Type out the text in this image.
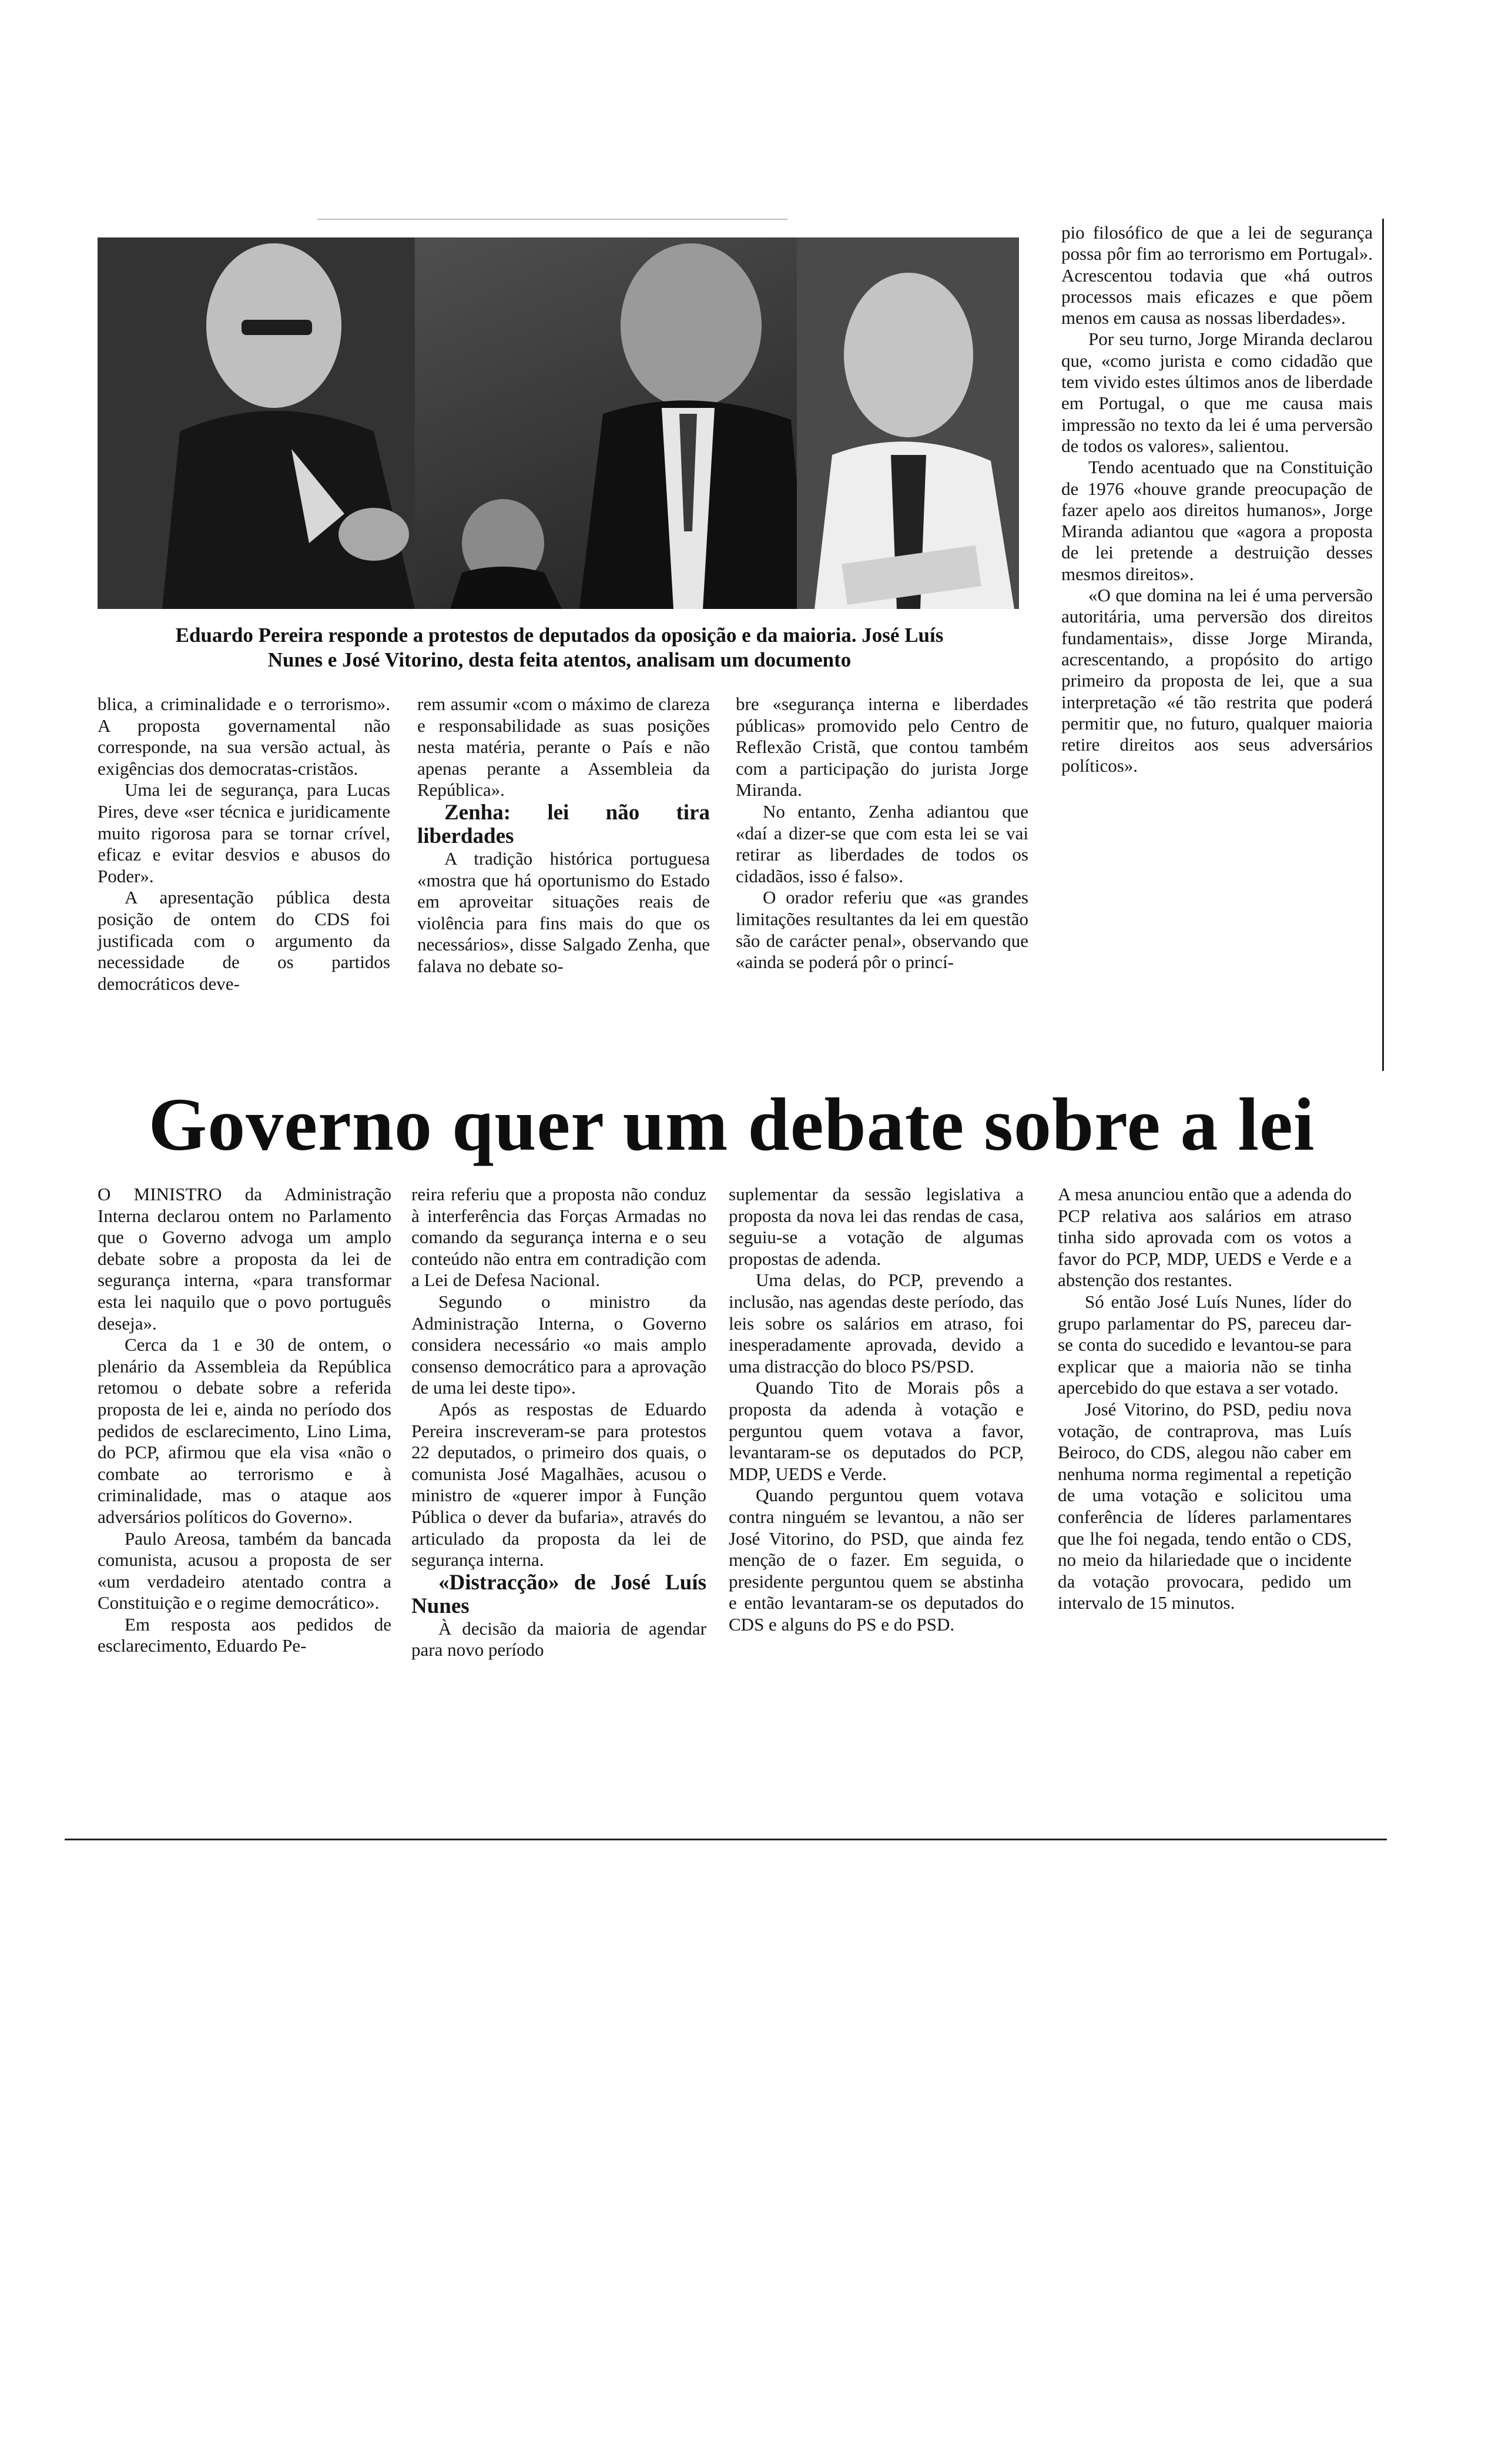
Eduardo Pereira responde a protestos de deputados da oposição e da maioria. José Luís
Nunes e José Vitorino, desta feita atentos, analisam um documento

pio filosófico de que a lei de segurança possa pôr fim ao terrorismo em Portugal». Acrescentou todavia que «há outros processos mais eficazes e que põem menos em causa as nossas liberdades».

Por seu turno, Jorge Miranda declarou que, «como jurista e como cidadão que tem vivido estes últimos anos de liberdade em Portugal, o que me causa mais impressão no texto da lei é uma perversão de todos os valores», salientou.

Tendo acentuado que na Constituição de 1976 «houve grande preocupação de fazer apelo aos direitos humanos», Jorge Miranda adiantou que «agora a proposta de lei pretende a destruição desses mesmos direitos».

«O que domina na lei é uma perversão autoritária, uma perversão dos direitos fundamentais», disse Jorge Miranda, acrescentando, a propósito do artigo primeiro da proposta de lei, que a sua interpretação «é tão restrita que poderá permitir que, no futuro, qualquer maioria retire direitos aos seus adversários políticos».

blica, a criminalidade e o terrorismo». A proposta governamental não corresponde, na sua versão actual, às exigências dos democratas-cristãos.

Uma lei de segurança, para Lucas Pires, deve «ser técnica e juridicamente muito rigorosa para se tornar crível, eficaz e evitar desvios e abusos do Poder».

A apresentação pública desta posição de ontem do CDS foi justificada com o argumento da necessidade de os partidos democráticos deve-

rem assumir «com o máximo de clareza e responsabilidade as suas posições nesta matéria, perante o País e não apenas perante a Assembleia da República».

Zenha: lei não tira liberdades

A tradição histórica portuguesa «mostra que há oportunismo do Estado em aproveitar situações reais de violência para fins mais do que os necessários», disse Salgado Zenha, que falava no debate so-

bre «segurança interna e liberdades públicas» promovido pelo Centro de Reflexão Cristã, que contou também com a participação do jurista Jorge Miranda.

No entanto, Zenha adiantou que «daí a dizer-se que com esta lei se vai retirar as liberdades de todos os cidadãos, isso é falso».

O orador referiu que «as grandes limitações resultantes da lei em questão são de carácter penal», observando que «ainda se poderá pôr o princí-

Governo quer um debate sobre a lei

O MINISTRO da Administração Interna declarou ontem no Parlamento que o Governo advoga um amplo debate sobre a proposta da lei de segurança interna, «para transformar esta lei naquilo que o povo português deseja».

Cerca da 1 e 30 de ontem, o plenário da Assembleia da República retomou o debate sobre a referida proposta de lei e, ainda no período dos pedidos de esclarecimento, Lino Lima, do PCP, afirmou que ela visa «não o combate ao terrorismo e à criminalidade, mas o ataque aos adversários políticos do Governo».

Paulo Areosa, também da bancada comunista, acusou a proposta de ser «um verdadeiro atentado contra a Constituição e o regime democrático».

Em resposta aos pedidos de esclarecimento, Eduardo Pe-

reira referiu que a proposta não conduz à interferência das Forças Armadas no comando da segurança interna e o seu conteúdo não entra em contradição com a Lei de Defesa Nacional.

Segundo o ministro da Administração Interna, o Governo considera necessário «o mais amplo consenso democrático para a aprovação de uma lei deste tipo».

Após as respostas de Eduardo Pereira inscreveram-se para protestos 22 deputados, o primeiro dos quais, o comunista José Magalhães, acusou o ministro de «querer impor à Função Pública o dever da bufaria», através do articulado da proposta da lei de segurança interna.

«Distracção» de José Luís Nunes

À decisão da maioria de agendar para novo período

suplementar da sessão legislativa a proposta da nova lei das rendas de casa, seguiu-se a votação de algumas propostas de adenda.

Uma delas, do PCP, prevendo a inclusão, nas agendas deste período, das leis sobre os salários em atraso, foi inesperadamente aprovada, devido a uma distracção do bloco PS/PSD.

Quando Tito de Morais pôs a proposta da adenda à votação e perguntou quem votava a favor, levantaram-se os deputados do PCP, MDP, UEDS e Verde.

Quando perguntou quem votava contra ninguém se levantou, a não ser José Vitorino, do PSD, que ainda fez menção de o fazer. Em seguida, o presidente perguntou quem se abstinha e então levantaram-se os deputados do CDS e alguns do PS e do PSD.

A mesa anunciou então que a adenda do PCP relativa aos salários em atraso tinha sido aprovada com os votos a favor do PCP, MDP, UEDS e Verde e a abstenção dos restantes.

Só então José Luís Nunes, líder do grupo parlamentar do PS, pareceu dar-se conta do sucedido e levantou-se para explicar que a maioria não se tinha apercebido do que estava a ser votado.

José Vitorino, do PSD, pediu nova votação, de contraprova, mas Luís Beiroco, do CDS, alegou não caber em nenhuma norma regimental a repetição de uma votação e solicitou uma conferência de líderes parlamentares que lhe foi negada, tendo então o CDS, no meio da hilariedade que o incidente da votação provocara, pedido um intervalo de 15 minutos.
